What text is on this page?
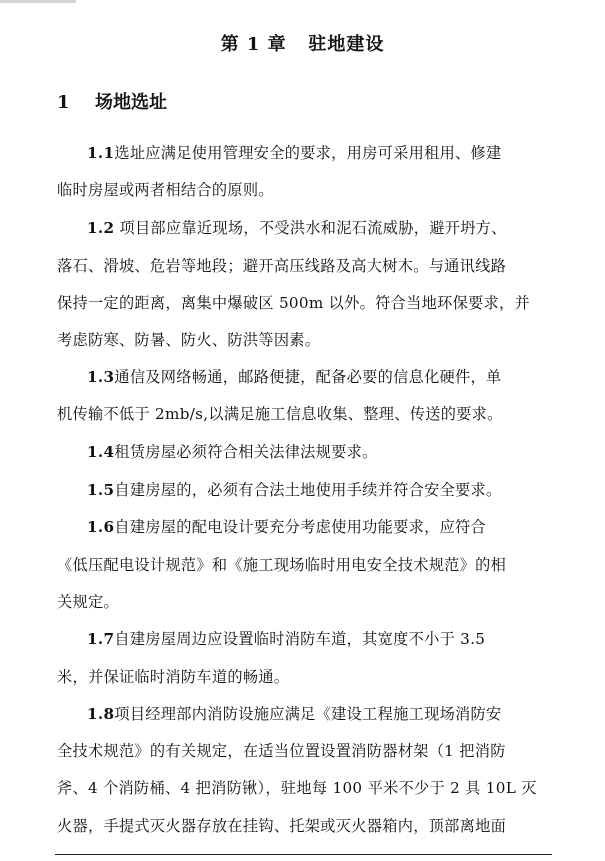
第 1 章   驻地建设
1 场地选址
1.1选址应满足使用管理安全的要求，用房可采用租用、修建
临时房屋或两者相结合的原则。
1.2 项目部应靠近现场，不受洪水和泥石流威胁，避开坍方、
落石、滑坡、危岩等地段；避开高压线路及高大树木。与通讯线路
保持一定的距离，离集中爆破区 500m 以外。符合当地环保要求，并
考虑防寒、防暑、防火、防洪等因素。
1.3通信及网络畅通，邮路便捷，配备必要的信息化硬件，单
机传输不低于 2mb/s,以满足施工信息收集、整理、传送的要求。
1.4租赁房屋必须符合相关法律法规要求。
1.5自建房屋的，必须有合法土地使用手续并符合安全要求。
1.6自建房屋的配电设计要充分考虑使用功能要求，应符合
《低压配电设计规范》和《施工现场临时用电安全技术规范》的相
关规定。
1.7自建房屋周边应设置临时消防车道，其宽度不小于 3.5
米，并保证临时消防车道的畅通。
1.8项目经理部内消防设施应满足《建设工程施工现场消防安
全技术规范》的有关规定，在适当位置设置消防器材架（1 把消防
斧、4 个消防桶、4 把消防锹），驻地每 100 平米不少于 2 具 10L 灭
火器，手提式灭火器存放在挂钩、托架或灭火器箱内，顶部离地面
